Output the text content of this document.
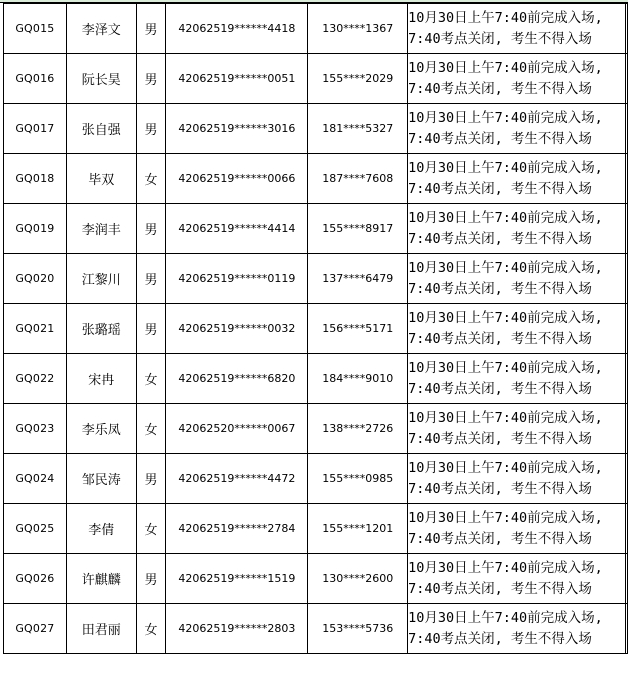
GQ015	李泽文	男	42062519******4418	130****1367	10月30日上午7:40前完成入场,
7:40考点关闭, 考生不得入场	

GQ016	阮长昊	男	42062519******0051	155****2029	10月30日上午7:40前完成入场,
7:40考点关闭, 考生不得入场	

GQ017	张自强	男	42062519******3016	181****5327	10月30日上午7:40前完成入场,
7:40考点关闭, 考生不得入场	

GQ018	毕双	女	42062519******0066	187****7608	10月30日上午7:40前完成入场,
7:40考点关闭, 考生不得入场	

GQ019	李润丰	男	42062519******4414	155****8917	10月30日上午7:40前完成入场,
7:40考点关闭, 考生不得入场	

GQ020	江黎川	男	42062519******0119	137****6479	10月30日上午7:40前完成入场,
7:40考点关闭, 考生不得入场	

GQ021	张璐瑶	男	42062519******0032	156****5171	10月30日上午7:40前完成入场,
7:40考点关闭, 考生不得入场	

GQ022	宋冉	女	42062519******6820	184****9010	10月30日上午7:40前完成入场,
7:40考点关闭, 考生不得入场	

GQ023	李乐凤	女	42062520******0067	138****2726	10月30日上午7:40前完成入场,
7:40考点关闭, 考生不得入场	

GQ024	邹民涛	男	42062519******4472	155****0985	10月30日上午7:40前完成入场,
7:40考点关闭, 考生不得入场	

GQ025	李倩	女	42062519******2784	155****1201	10月30日上午7:40前完成入场,
7:40考点关闭, 考生不得入场	

GQ026	许麒麟	男	42062519******1519	130****2600	10月30日上午7:40前完成入场,
7:40考点关闭, 考生不得入场	

GQ027	田君丽	女	42062519******2803	153****5736	10月30日上午7:40前完成入场,
7:40考点关闭, 考生不得入场	
